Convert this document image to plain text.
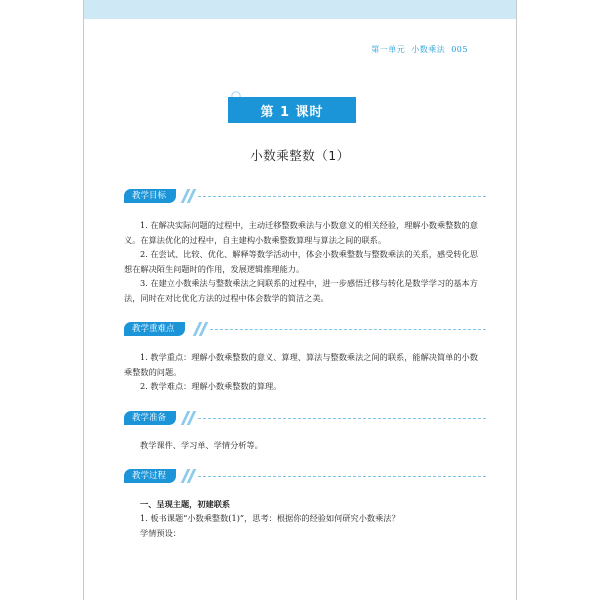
第一单元 小数乘法 005
第 1 课时
小数乘整数（1）
教学目标

1. 在解决实际问题的过程中，主动迁移整数乘法与小数意义的相关经验，理解小数乘整数的意义。在算法优化的过程中，自主建构小数乘整数算理与算法之间的联系。

2. 在尝试、比较、优化、解释等数学活动中，体会小数乘整数与整数乘法的关系，感受转化思想在解决陌生问题时的作用，发展逻辑推理能力。

3. 在建立小数乘法与整数乘法之间联系的过程中，进一步感悟迁移与转化是数学学习的基本方法，同时在对比优化方法的过程中体会数学的简洁之美。

教学重难点

1. 教学重点：理解小数乘整数的意义、算理、算法与整数乘法之间的联系，能解决简单的小数乘整数的问题。

2. 教学难点：理解小数乘整数的算理。

教学准备

教学课件、学习单、学情分析等。

教学过程

一、呈现主题，初建联系

1. 板书课题“小数乘整数(1)”，思考：根据你的经验如何研究小数乘法？

学情预设：
